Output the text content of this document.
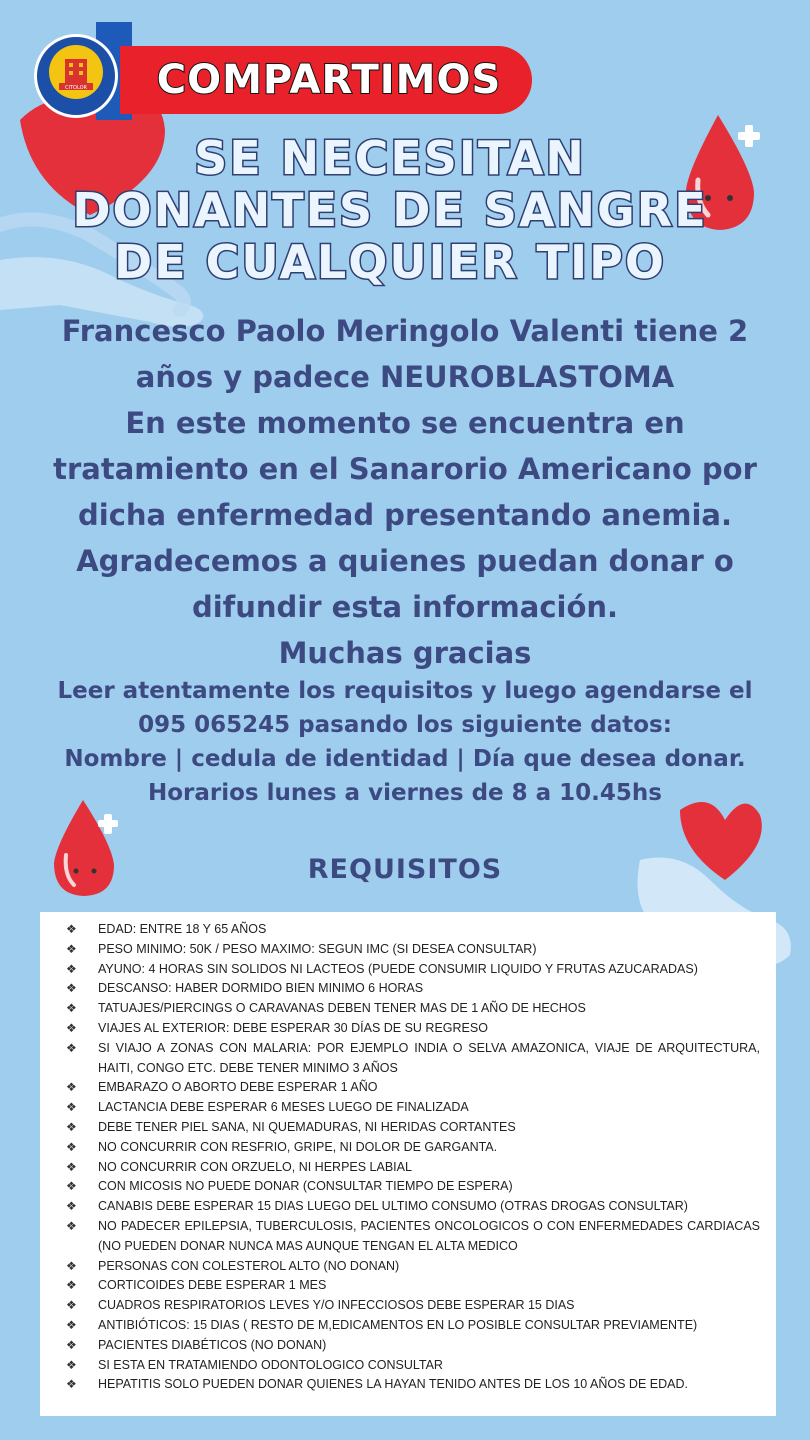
COMPARTIMOS
CITOLOR
SE NECESITAN
DONANTES DE SANGRE
DE CUALQUIER TIPO
Francesco Paolo Meringolo Valenti tiene 2
años y padece NEUROBLASTOMA
En este momento se encuentra en
tratamiento en el Sanarorio Americano por
dicha enfermedad presentando anemia.
Agradecemos a quienes puedan donar o
difundir esta información.
Muchas gracias
Leer atentamente los requisitos y luego agendarse el
095 065245 pasando los siguiente datos:
Nombre | cedula de identidad | Día que desea donar.
Horarios lunes a viernes de 8 a 10.45hs
REQUISITOS
❖ EDAD: ENTRE 18 Y 65 AÑOS
❖ PESO MINIMO: 50K / PESO MAXIMO: SEGUN IMC (SI DESEA CONSULTAR)
❖ AYUNO: 4 HORAS SIN SOLIDOS NI LACTEOS (PUEDE CONSUMIR LIQUIDO Y FRUTAS AZUCARADAS)
❖ DESCANSO: HABER DORMIDO BIEN MINIMO 6 HORAS
❖ TATUAJES/PIERCINGS O CARAVANAS DEBEN TENER MAS DE 1 AÑO DE HECHOS
❖ VIAJES AL EXTERIOR: DEBE ESPERAR 30 DÍAS DE SU REGRESO
❖ SI VIAJO A ZONAS CON MALARIA: POR EJEMPLO INDIA O SELVA AMAZONICA, VIAJE DE ARQUITECTURA, HAITI, CONGO ETC. DEBE TENER MINIMO 3 AÑOS
❖ EMBARAZO O ABORTO DEBE ESPERAR 1 AÑO
❖ LACTANCIA DEBE ESPERAR 6 MESES LUEGO DE FINALIZADA
❖ DEBE TENER PIEL SANA, NI QUEMADURAS, NI HERIDAS CORTANTES
❖ NO CONCURRIR CON RESFRIO, GRIPE, NI DOLOR DE GARGANTA.
❖ NO CONCURRIR CON ORZUELO, NI HERPES LABIAL
❖ CON MICOSIS NO PUEDE DONAR (CONSULTAR TIEMPO DE ESPERA)
❖ CANABIS DEBE ESPERAR 15 DIAS LUEGO DEL ULTIMO CONSUMO (OTRAS DROGAS CONSULTAR)
❖ NO PADECER EPILEPSIA, TUBERCULOSIS, PACIENTES ONCOLOGICOS O CON ENFERMEDADES CARDIACAS (NO PUEDEN DONAR NUNCA MAS AUNQUE TENGAN EL ALTA MEDICO
❖ PERSONAS CON COLESTEROL ALTO (NO DONAN)
❖ CORTICOIDES DEBE ESPERAR 1 MES
❖ CUADROS RESPIRATORIOS LEVES Y/O INFECCIOSOS DEBE ESPERAR 15 DIAS
❖ ANTIBIÓTICOS: 15 DIAS ( RESTO DE M,EDICAMENTOS EN LO POSIBLE CONSULTAR PREVIAMENTE)
❖ PACIENTES DIABÉTICOS (NO DONAN)
❖ SI ESTA EN TRATAMIENDO ODONTOLOGICO CONSULTAR
❖ HEPATITIS SOLO PUEDEN DONAR QUIENES LA HAYAN TENIDO ANTES DE LOS 10 AÑOS DE EDAD.
